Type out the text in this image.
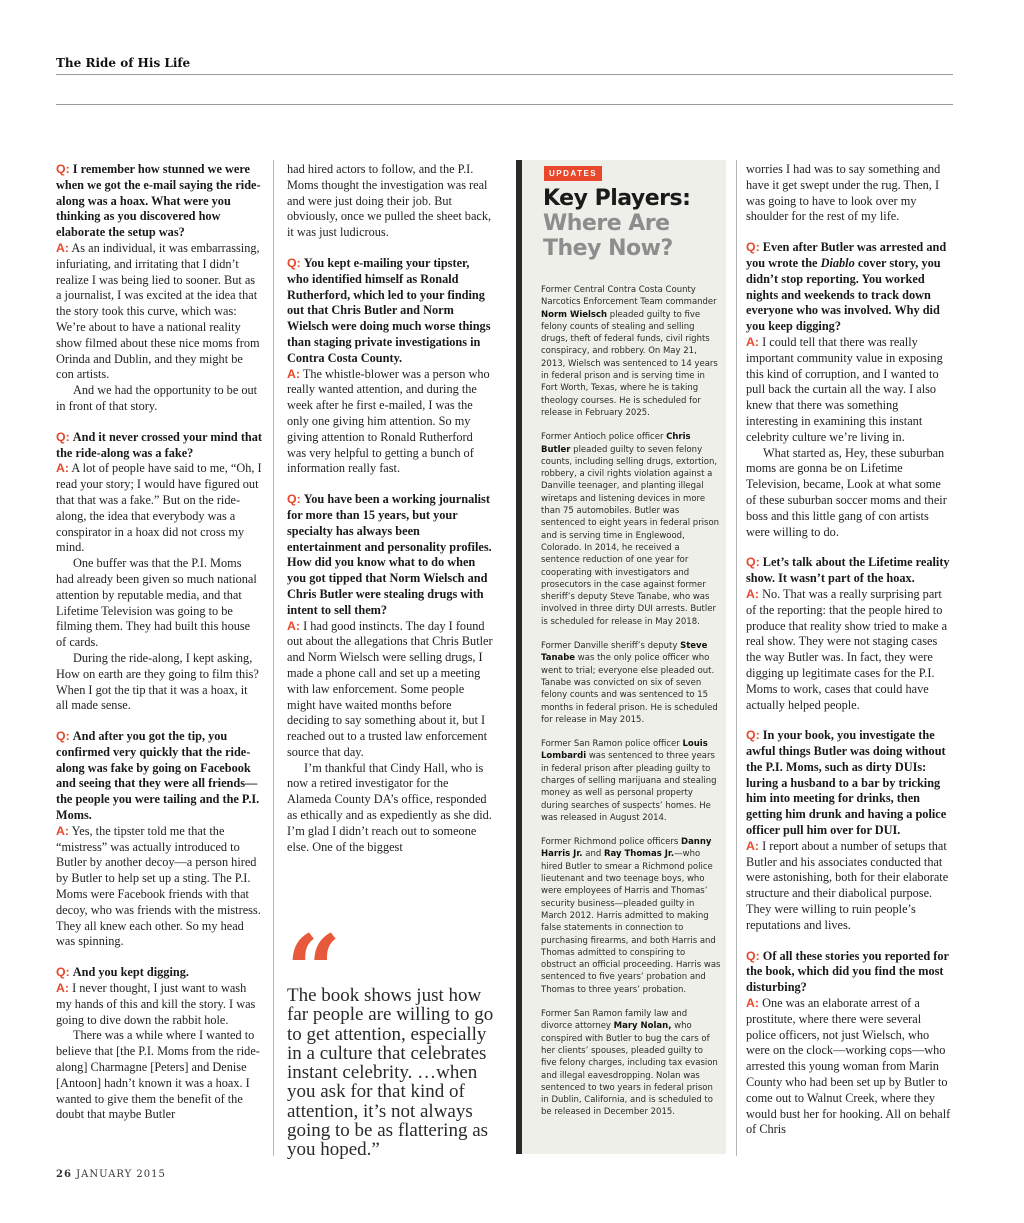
The Ride of His Life

Q: I remember how stunned we were when we got the e-mail saying the ride-along was a hoax. What were you thinking as you discovered how elaborate the setup was?
A: As an individual, it was embarrassing, infuriating, and irritating that I didn’t realize I was being lied to sooner. But as a journalist, I was excited at the idea that the story took this curve, which was: We’re about to have a national reality show filmed about these nice moms from Orinda and Dublin, and they might be con artists.

And we had the opportunity to be out in front of that story.

Q: And it never crossed your mind that the ride-along was a fake?
A: A lot of people have said to me, “Oh, I read your story; I would have figured out that that was a fake.” But on the ride-along, the idea that everybody was a conspirator in a hoax did not cross my mind.

One buffer was that the P.I. Moms had already been given so much national attention by reputable media, and that Lifetime Television was going to be filming them. They had built this house of cards.

During the ride-along, I kept asking, How on earth are they going to film this? When I got the tip that it was a hoax, it all made sense.

Q: And after you got the tip, you confirmed very quickly that the ride-along was fake by going on Facebook and seeing that they were all friends—the people you were tailing and the P.I. Moms.
A: Yes, the tipster told me that the “mistress” was actually introduced to Butler by another decoy—a person hired by Butler to help set up a sting. The P.I. Moms were Facebook friends with that decoy, who was friends with the mistress. They all knew each other. So my head was spinning.

Q: And you kept digging.
A: I never thought, I just want to wash my hands of this and kill the story. I was going to dive down the rabbit hole.

There was a while where I wanted to believe that [the P.I. Moms from the ride-along] Charmagne [Peters] and Denise [Antoon] hadn’t known it was a hoax. I wanted to give them the benefit of the doubt that maybe Butler

had hired actors to follow, and the P.I. Moms thought the investigation was real and were just doing their job. But obviously, once we pulled the sheet back, it was just ludicrous.

Q: You kept e-mailing your tipster, who identified himself as Ronald Rutherford, which led to your finding out that Chris Butler and Norm Wielsch were doing much worse things than staging private investigations in Contra Costa County.
A: The whistle-blower was a person who really wanted attention, and during the week after he first e-mailed, I was the only one giving him attention. So my giving attention to Ronald Rutherford was very helpful to getting a bunch of information really fast.

Q: You have been a working journalist for more than 15 years, but your specialty has always been entertainment and personality profiles. How did you know what to do when you got tipped that Norm Wielsch and Chris Butler were stealing drugs with intent to sell them?
A: I had good instincts. The day I found out about the allegations that Chris Butler and Norm Wielsch were selling drugs, I made a phone call and set up a meeting with law enforcement. Some people might have waited months before deciding to say something about it, but I reached out to a trusted law enforcement source that day.

I’m thankful that Cindy Hall, who is now a retired investigator for the Alameda County DA’s office, responded as ethically and as expediently as she did. I’m glad I didn’t reach out to someone else. One of the biggest

“
The book shows just how far people are willing to go to get attention, especially in a culture that celebrates instant celebrity. …when you ask for that kind of attention, it’s not always going to be as flattering as you hoped.”
UPDATES
Key Players:
Where Are They Now?

Former Central Contra Costa County Narcotics Enforcement Team commander Norm Wielsch pleaded guilty to five felony counts of stealing and selling drugs, theft of federal funds, civil rights conspiracy, and robbery. On May 21, 2013, Wielsch was sentenced to 14 years in federal prison and is serving time in Fort Worth, Texas, where he is taking theology courses. He is scheduled for release in February 2025.

Former Antioch police officer Chris Butler pleaded guilty to seven felony counts, including selling drugs, extortion, robbery, a civil rights violation against a Danville teenager, and planting illegal wiretaps and listening devices in more than 75 automobiles. Butler was sentenced to eight years in federal prison and is serving time in Englewood, Colorado. In 2014, he received a sentence reduction of one year for cooperating with investigators and prosecutors in the case against former sheriff’s deputy Steve Tanabe, who was involved in three dirty DUI arrests. Butler is scheduled for release in May 2018.

Former Danville sheriff’s deputy Steve Tanabe was the only police officer who went to trial; everyone else pleaded out. Tanabe was convicted on six of seven felony counts and was sentenced to 15 months in federal prison. He is scheduled for release in May 2015.

Former San Ramon police officer Louis Lombardi was sentenced to three years in federal prison after pleading guilty to charges of selling marijuana and stealing money as well as personal property during searches of suspects’ homes. He was released in August 2014.

Former Richmond police officers Danny Harris Jr. and Ray Thomas Jr.—who hired Butler to smear a Richmond police lieutenant and two teenage boys, who were employees of Harris and Thomas’ security business—pleaded guilty in March 2012. Harris admitted to making false statements in connection to purchasing firearms, and both Harris and Thomas admitted to conspiring to obstruct an official proceeding. Harris was sentenced to five years’ probation and Thomas to three years’ probation.

Former San Ramon family law and divorce attorney Mary Nolan, who conspired with Butler to bug the cars of her clients’ spouses, pleaded guilty to five felony charges, including tax evasion and illegal eavesdropping. Nolan was sentenced to two years in federal prison in Dublin, California, and is scheduled to be released in December 2015.

worries I had was to say something and have it get swept under the rug. Then, I was going to have to look over my shoulder for the rest of my life.

Q: Even after Butler was arrested and you wrote the Diablo cover story, you didn’t stop reporting. You worked nights and weekends to track down everyone who was involved. Why did you keep digging?
A: I could tell that there was really important community value in exposing this kind of corruption, and I wanted to pull back the curtain all the way. I also knew that there was something interesting in examining this instant celebrity culture we’re living in.

What started as, Hey, these suburban moms are gonna be on Lifetime Television, became, Look at what some of these suburban soccer moms and their boss and this little gang of con artists were willing to do.

Q: Let’s talk about the Lifetime reality show. It wasn’t part of the hoax.
A: No. That was a really surprising part of the reporting: that the people hired to produce that reality show tried to make a real show. They were not staging cases the way Butler was. In fact, they were digging up legitimate cases for the P.I. Moms to work, cases that could have actually helped people.

Q: In your book, you investigate the awful things Butler was doing without the P.I. Moms, such as dirty DUIs: luring a husband to a bar by tricking him into meeting for drinks, then getting him drunk and having a police officer pull him over for DUI.
A: I report about a number of setups that Butler and his associates conducted that were astonishing, both for their elaborate structure and their diabolical purpose. They were willing to ruin people’s reputations and lives.

Q: Of all these stories you reported for the book, which did you find the most disturbing?
A: One was an elaborate arrest of a prostitute, where there were several police officers, not just Wielsch, who were on the clock—working cops—who arrested this young woman from Marin County who had been set up by Butler to come out to Walnut Creek, where they would bust her for hooking. All on behalf of Chris

26 JANUARY 2015
